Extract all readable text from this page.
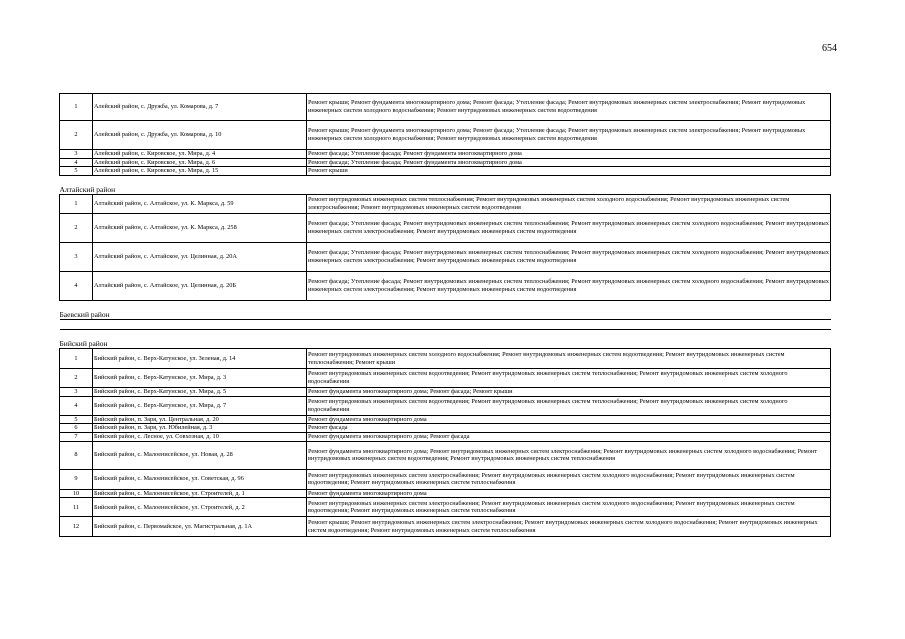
654
1	Алейский район, с. Дружба, ул. Комарова, д. 7	Ремонт крыши; Ремонт фундамента многоквартирного дома; Ремонт фасада; Утепление фасада; Ремонт внутридомовых инженерных систем электроснабжения; Ремонт внутридомовых инженерных систем холодного водоснабжения; Ремонт внутридомовых инженерных систем водоотведения
2	Алейский район, с. Дружба, ул. Комарова, д. 10	Ремонт крыши; Ремонт фундамента многоквартирного дома; Ремонт фасада; Утепление фасада; Ремонт внутридомовых инженерных систем электроснабжения; Ремонт внутридомовых инженерных систем холодного водоснабжения; Ремонт внутридомовых инженерных систем водоотведения
3	Алейский район, с. Кировское, ул. Мира, д. 4	Ремонт фасада; Утепление фасада; Ремонт фундамента многоквартирного дома
4	Алейский район, с. Кировское, ул. Мира, д. 6	Ремонт фасада; Утепление фасада; Ремонт фундамента многоквартирного дома
5	Алейский район, с. Кировское, ул. Мира, д. 15	Ремонт крыши
Алтайский район		
1	Алтайский район, с. Алтайское, ул. К. Маркса, д. 59	Ремонт внутридомовых инженерных систем теплоснабжения; Ремонт внутридомовых инженерных систем холодного водоснабжения; Ремонт внутридомовых инженерных систем электроснабжения; Ремонт внутридомовых инженерных систем водоотведения
2	Алтайский район, с. Алтайское, ул. К. Маркса, д. 258	Ремонт фасада; Утепление фасада; Ремонт внутридомовых инженерных систем теплоснабжения; Ремонт внутридомовых инженерных систем холодного водоснабжения; Ремонт внутридомовых инженерных систем электроснабжения; Ремонт внутридомовых инженерных систем водоотведения
3	Алтайский район, с. Алтайское, ул. Целинная, д. 20А	Ремонт фасада; Утепление фасада; Ремонт внутридомовых инженерных систем теплоснабжения; Ремонт внутридомовых инженерных систем холодного водоснабжения; Ремонт внутридомовых инженерных систем электроснабжения; Ремонт внутридомовых инженерных систем водоотведения
4	Алтайский район, с. Алтайское, ул. Целинная, д. 20Б	Ремонт фасада; Утепление фасада; Ремонт внутридомовых инженерных систем теплоснабжения; Ремонт внутридомовых инженерных систем холодного водоснабжения; Ремонт внутридомовых инженерных систем электроснабжения; Ремонт внутридомовых инженерных систем водоотведения
Баевский район		

Бийский район		
1	Бийский район, с. Верх-Катунское, ул. Зеленая, д. 14	Ремонт внутридомовых инженерных систем холодного водоснабжения; Ремонт внутридомовых инженерных систем водоотведения; Ремонт внутридомовых инженерных систем теплоснабжения; Ремонт крыши
2	Бийский район, с. Верх-Катунское, ул. Мира, д. 3	Ремонт внутридомовых инженерных систем водоотведения; Ремонт внутридомовых инженерных систем теплоснабжения; Ремонт внутридомовых инженерных систем холодного водоснабжения
3	Бийский район, с. Верх-Катунское, ул. Мира, д. 5	Ремонт фундамента многоквартирного дома; Ремонт фасада; Ремонт крыши
4	Бийский район, с. Верх-Катунское, ул. Мира, д. 7	Ремонт внутридомовых инженерных систем водоотведения; Ремонт внутридомовых инженерных систем теплоснабжения; Ремонт внутридомовых инженерных систем холодного водоснабжения
5	Бийский район, п. Заря, ул. Центральная, д. 20	Ремонт фундамента многоквартирного дома
6	Бийский район, п. Заря, ул. Юбилейная, д. 3	Ремонт фасада
7	Бийский район, с. Лесное, ул. Совхозная, д. 10	Ремонт фундамента многоквартирного дома; Ремонт фасада
8	Бийский район, с. Малоенисейское, ул. Новая, д. 28	Ремонт фундамента многоквартирного дома; Ремонт внутридомовых инженерных систем электроснабжения; Ремонт внутридомовых инженерных систем холодного водоснабжения; Ремонт внутридомовых инженерных систем водоотведения; Ремонт внутридомовых инженерных систем теплоснабжения
9	Бийский район, с. Малоенисейское, ул. Советская, д. 96	Ремонт внутридомовых инженерных систем электроснабжения; Ремонт внутридомовых инженерных систем холодного водоснабжения; Ремонт внутридомовых инженерных систем водоотведения; Ремонт внутридомовых инженерных систем теплоснабжения
10	Бийский район, с. Малоенисейское, ул. Строителей, д. 1	Ремонт фундамента многоквартирного дома
11	Бийский район, с. Малоенисейское, ул. Строителей, д. 2	Ремонт внутридомовых инженерных систем электроснабжения; Ремонт внутридомовых инженерных систем холодного водоснабжения; Ремонт внутридомовых инженерных систем водоотведения; Ремонт внутридомовых инженерных систем теплоснабжения
12	Бийский район, с. Первомайское, ул. Магистральная, д. 1А	Ремонт крыши; Ремонт внутридомовых инженерных систем электроснабжения; Ремонт внутридомовых инженерных систем холодного водоснабжения; Ремонт внутридомовых инженерных систем водоотведения; Ремонт внутридомовых инженерных систем теплоснабжения
